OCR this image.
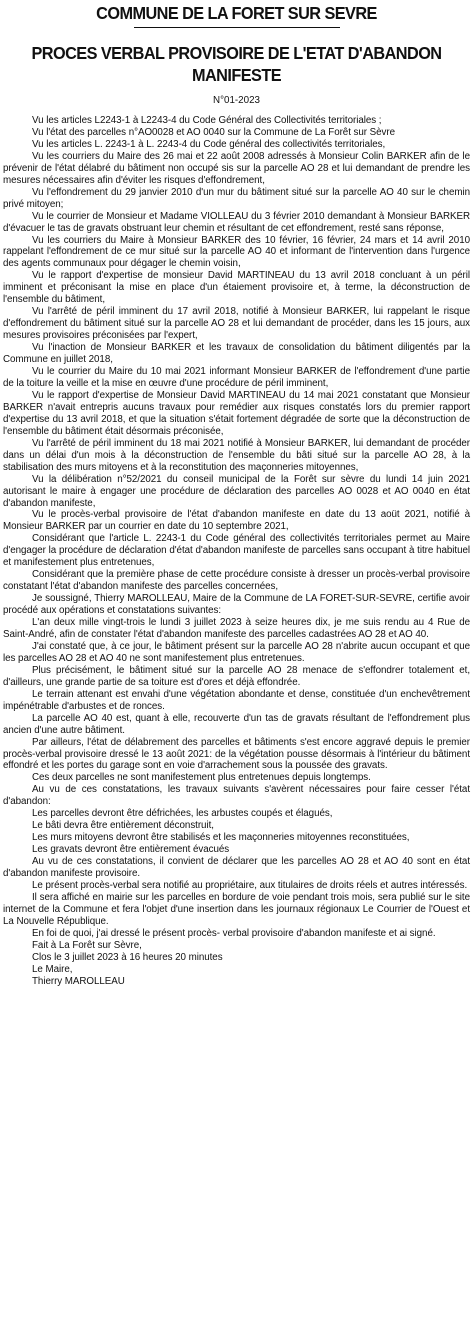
COMMUNE DE LA FORET SUR SEVRE
PROCES VERBAL PROVISOIRE DE L'ETAT D'ABANDON MANIFESTE
N°01-2023

Vu les articles L2243-1 à L2243-4 du Code Général des Collectivités territoriales ;

Vu l'état des parcelles n°AO0028 et AO 0040 sur la Commune de La Forêt sur Sèvre

Vu les articles L. 2243-1 à L. 2243-4 du Code général des collectivités territoriales,

Vu les courriers du Maire des 26 mai et 22 août 2008 adressés à Monsieur Colin BARKER afin de le prévenir de l'état délabré du bâtiment non occupé sis sur la parcelle AO 28 et lui demandant de prendre les mesures nécessaires afin d'éviter les risques d'effondrement,

Vu l'effondrement du 29 janvier 2010 d'un mur du bâtiment situé sur la parcelle AO 40 sur le chemin privé mitoyen;

Vu le courrier de Monsieur et Madame VIOLLEAU du 3 février 2010 demandant à Monsieur BARKER d'évacuer le tas de gravats obstruant leur chemin et résultant de cet effondrement, resté sans réponse,

Vu les courriers du Maire à Monsieur BARKER des 10 février, 16 février, 24 mars et 14 avril 2010 rappelant l'effondrement de ce mur situé sur la parcelle AO 40 et informant de l'intervention dans l'urgence des agents communaux pour dégager le chemin voisin,

Vu le rapport d'expertise de monsieur David MARTINEAU du 13 avril 2018 concluant à un péril imminent et préconisant la mise en place d'un étaiement provisoire et, à terme, la déconstruction de l'ensemble du bâtiment,

Vu l'arrêté de péril imminent du 17 avril 2018, notifié à Monsieur BARKER, lui rappelant le risque d'effondrement du bâtiment situé sur la parcelle AO 28 et lui demandant de procéder, dans les 15 jours, aux mesures provisoires préconisées par l'expert,

Vu l'inaction de Monsieur BARKER et les travaux de consolidation du bâtiment diligentés par la Commune en juillet 2018,

Vu le courrier du Maire du 10 mai 2021 informant Monsieur BARKER de l'effondrement d'une partie de la toiture la veille et la mise en œuvre d'une procédure de péril imminent,

Vu le rapport d'expertise de Monsieur David MARTINEAU du 14 mai 2021 constatant que Monsieur BARKER n'avait entrepris aucuns travaux pour remédier aux risques constatés lors du premier rapport d'expertise du 13 avril 2018, et que la situation s'était fortement dégradée de sorte que la déconstruction de l'ensemble du bâtiment était désormais préconisée,

Vu l'arrêté de péril imminent du 18 mai 2021 notifié à Monsieur BARKER, lui demandant de procéder dans un délai d'un mois à la déconstruction de l'ensemble du bâti situé sur la parcelle AO 28, à la stabilisation des murs mitoyens et à la reconstitution des maçonneries mitoyennes,

Vu la délibération n°52/2021 du conseil municipal de la Forêt sur sèvre du lundi 14 juin 2021 autorisant le maire à engager une procédure de déclaration des parcelles AO 0028 et AO 0040 en état d'abandon manifeste,

Vu le procès-verbal provisoire de l'état d'abandon manifeste en date du 13 aoüt 2021, notifié à Monsieur BARKER par un courrier en date du 10 septembre 2021,

Considérant que l'article L. 2243-1 du Code général des collectivités territoriales permet au Maire d'engager la procédure de déclaration d'état d'abandon manifeste de parcelles sans occupant à titre habituel et manifestement plus entretenues,

Considérant que la première phase de cette procédure consiste à dresser un procès-verbal provisoire constatant l'état d'abandon manifeste des parcelles concernées,

Je soussigné, Thierry MAROLLEAU, Maire de la Commune de LA FORET-SUR-SEVRE, certifie avoir procédé aux opérations et constatations suivantes:

L'an deux mille vingt-trois le lundi 3 juillet 2023 à seize heures dix, je me suis rendu au 4 Rue de Saint-André, afin de constater l'état d'abandon manifeste des parcelles cadastrées AO 28 et AO 40.

J'ai constaté que, à ce jour, le bâtiment présent sur la parcelle AO 28 n'abrite aucun occupant et que les parcelles AO 28 et AO 40 ne sont manifestement plus entretenues.

Plus précisément, le bâtiment situé sur la parcelle AO 28 menace de s'effondrer totalement et, d'ailleurs, une grande partie de sa toiture est d'ores et déjà effondrée.

Le terrain attenant est envahi d'une végétation abondante et dense, constituée d'un enchevêtrement impénétrable d'arbustes et de ronces.

La parcelle AO 40 est, quant à elle, recouverte d'un tas de gravats résultant de l'effondrement plus ancien d'une autre bâtiment.

Par ailleurs, l'état de délabrement des parcelles et bâtiments s'est encore aggravé depuis le premier procès-verbal provisoire dressé le 13 août 2021: de la végétation pousse désormais à l'intérieur du bâtiment effondré et les portes du garage sont en voie d'arrachement sous la poussée des gravats.

Ces deux parcelles ne sont manifestement plus entretenues depuis longtemps.

Au vu de ces constatations, les travaux suivants s'avèrent nécessaires pour faire cesser l'état d'abandon:

Les parcelles devront être défrichées, les arbustes coupés et élagués,

Le bâti devra être entièrement déconstruit,

Les murs mitoyens devront être stabilisés et les maçonneries mitoyennes reconstituées,

Les gravats devront être entièrement évacués

Au vu de ces constatations, il convient de déclarer que les parcelles AO 28 et AO 40 sont en état d'abandon manifeste provisoire.

Le présent procès-verbal sera notifié au propriétaire, aux titulaires de droits réels et autres intéressés.

Il sera affiché en mairie sur les parcelles en bordure de voie pendant trois mois, sera publié sur le site internet de la Commune et fera l'objet d'une insertion dans les journaux régionaux Le Courrier de l'Ouest et La Nouvelle République.

En foi de quoi, j'ai dressé le présent procès- verbal provisoire d'abandon manifeste et ai signé.

Fait à La Forêt sur Sèvre,

Clos le 3 juillet 2023 à 16 heures 20 minutes

Le Maire,

Thierry MAROLLEAU
